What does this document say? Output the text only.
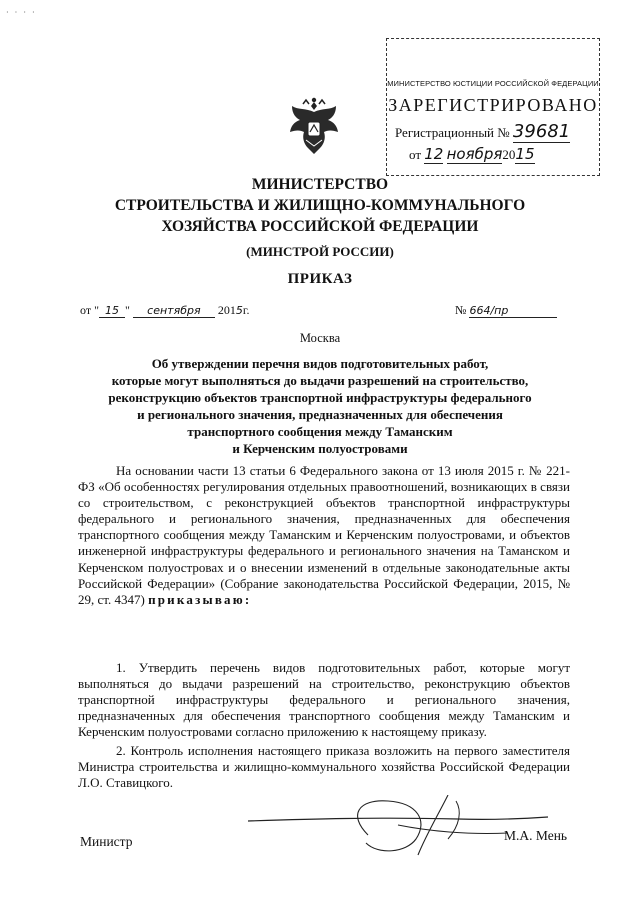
· · · ·
МИНИСТЕРСТВО ЮСТИЦИИ РОССИЙСКОЙ ФЕДЕРАЦИИ
ЗАРЕГИСТРИРОВАНО
Регистрационный № 39681
от 12 ноября2015
МИНИСТЕРСТВО
СТРОИТЕЛЬСТВА И ЖИЛИЩНО-КОММУНАЛЬНОГО
ХОЗЯЙСТВА РОССИЙСКОЙ ФЕДЕРАЦИИ
(МИНСТРОЙ РОССИИ)
ПРИКАЗ
от " 15 " сентября 2015г.	№ 664/пр
Москва
Об утверждении перечня видов подготовительных работ,
которые могут выполняться до выдачи разрешений на строительство,
реконструкцию объектов транспортной инфраструктуры федерального
и регионального значения, предназначенных для обеспечения
транспортного сообщения между Таманским
и Керченским полуостровами

На основании части 13 статьи 6 Федерального закона от 13 июля 2015 г. № 221-ФЗ «Об особенностях регулирования отдельных правоотношений, возникающих в связи со строительством, с реконструкцией объектов транспортной инфраструктуры федерального и регионального значения, предназначенных для обеспечения транспортного сообщения между Таманским и Керченским полуостровами, и объектов инженерной инфраструктуры федерального и регионального значения на Таманском и Керченском полуостровах и о внесении изменений в отдельные законодательные акты Российской Федерации» (Собрание законодательства Российской Федерации, 2015, № 29, ст. 4347) приказываю:

1. Утвердить перечень видов подготовительных работ, которые могут выполняться до выдачи разрешений на строительство, реконструкцию объектов транспортной инфраструктуры федерального и регионального значения, предназначенных для обеспечения транспортного сообщения между Таманским и Керченским полуостровами согласно приложению к настоящему приказу.

2. Контроль исполнения настоящего приказа возложить на первого заместителя Министра строительства и жилищно-коммунального хозяйства Российской Федерации Л.О. Ставицкого.

Министр	М.А. Мень
